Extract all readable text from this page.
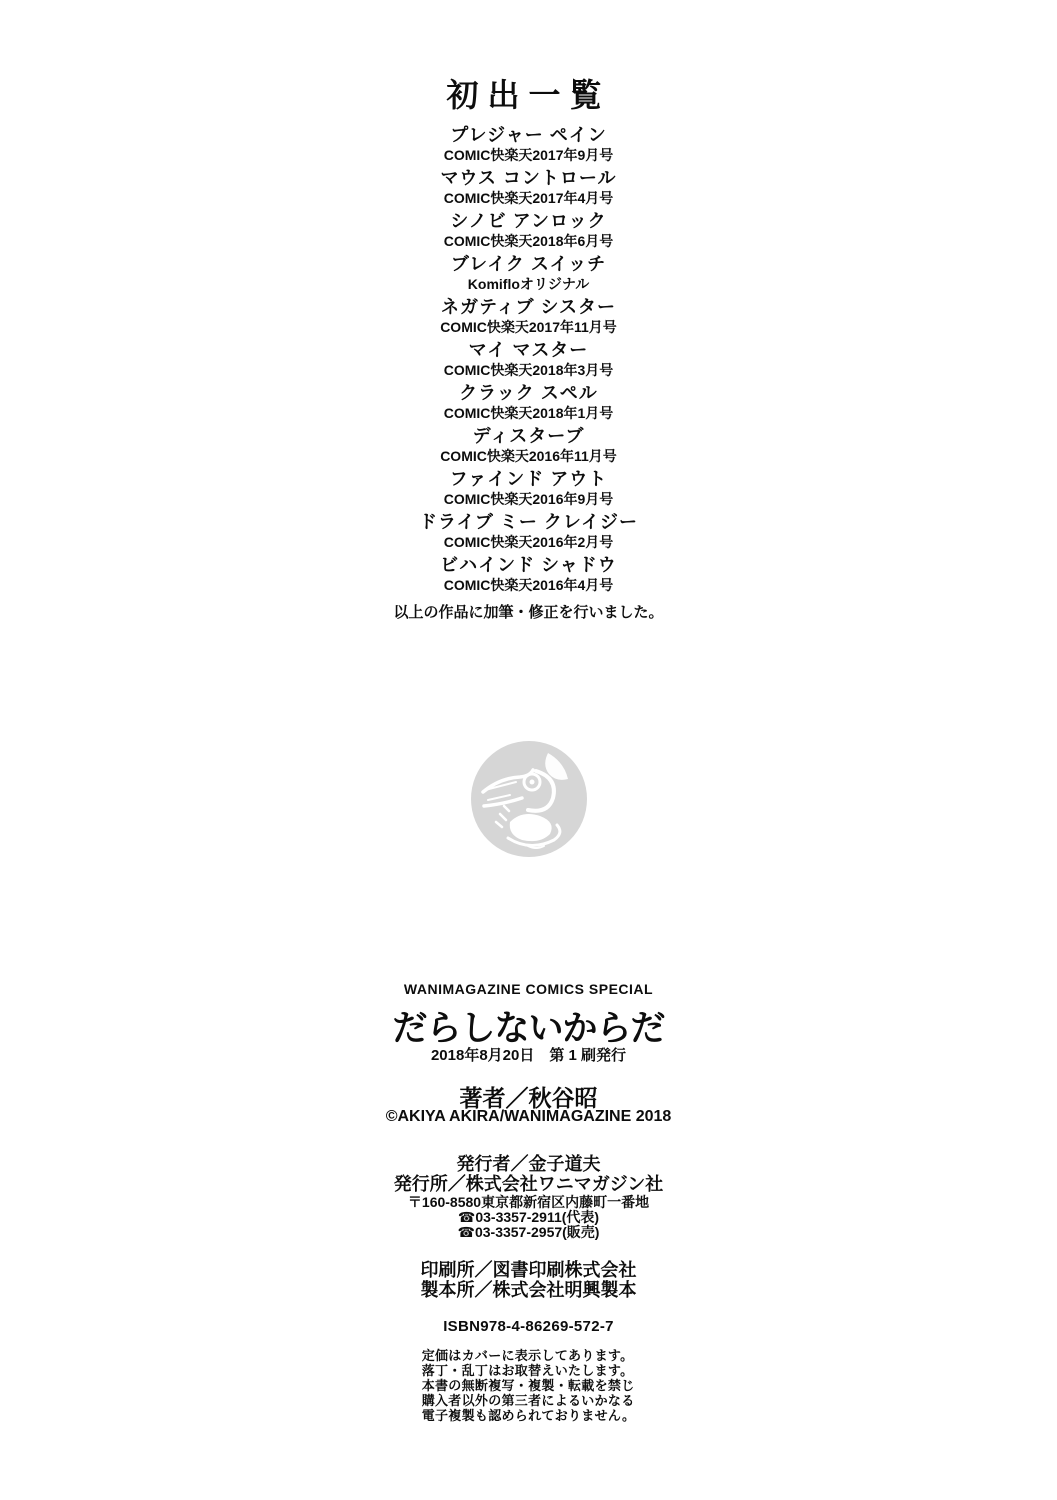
初出一覧
プレジャー ペイン
COMIC快楽天2017年9月号
マウス コントロール
COMIC快楽天2017年4月号
シノビ アンロック
COMIC快楽天2018年6月号
ブレイク スイッチ
Komifloオリジナル
ネガティブ シスター
COMIC快楽天2017年11月号
マイ マスター
COMIC快楽天2018年3月号
クラック スペル
COMIC快楽天2018年1月号
ディスターブ
COMIC快楽天2016年11月号
ファインド アウト
COMIC快楽天2016年9月号
ドライブ ミー クレイジー
COMIC快楽天2016年2月号
ビハインド シャドウ
COMIC快楽天2016年4月号
以上の作品に加筆・修正を行いました。
WANIMAGAZINE COMICS SPECIAL
だらしないからだ
2018年8月20日　第 1 刷発行
著者／秋谷昭
©AKIYA AKIRA/WANIMAGAZINE 2018
発行者／金子道夫
発行所／株式会社ワニマガジン社
〒160-8580東京都新宿区内藤町一番地
☎03-3357-2911(代表)
☎03-3357-2957(販売)
印刷所／図書印刷株式会社
製本所／株式会社明興製本
ISBN978-4-86269-572-7
定価はカバーに表示してあります。
落丁・乱丁はお取替えいたします。
本書の無断複写・複製・転載を禁じ
購入者以外の第三者によるいかなる
電子複製も認められておりません。
